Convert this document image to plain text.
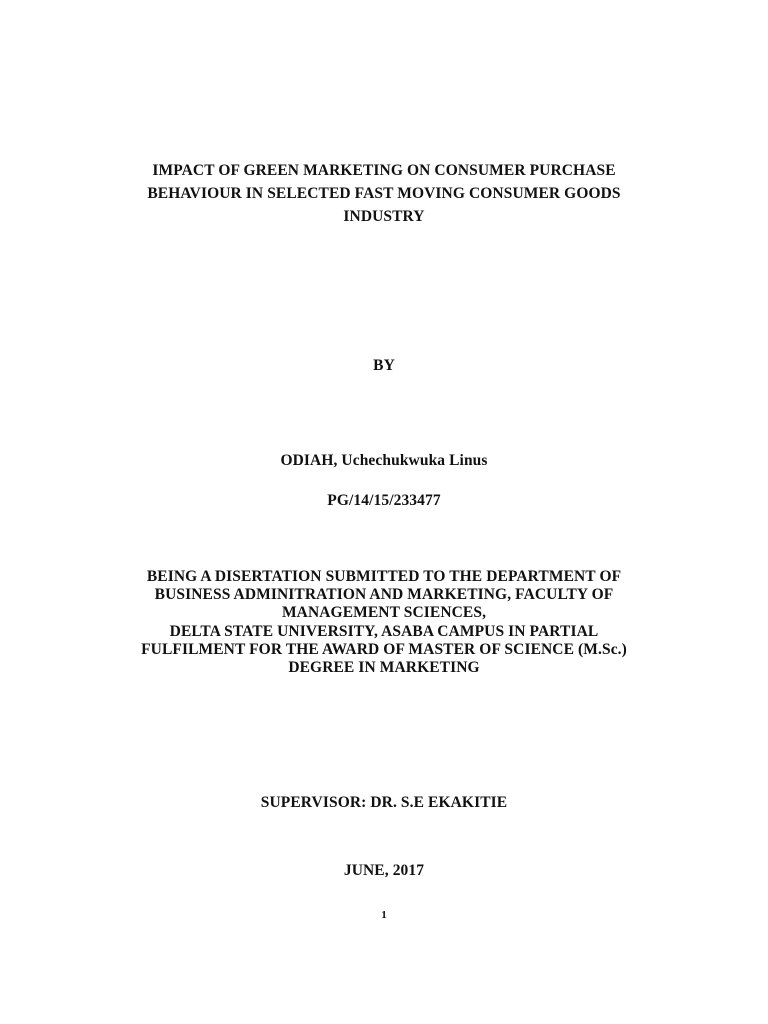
IMPACT OF GREEN MARKETING ON CONSUMER PURCHASE
BEHAVIOUR IN SELECTED FAST MOVING CONSUMER GOODS
INDUSTRY
BY
ODIAH, Uchechukwuka Linus
PG/14/15/233477
BEING A DISERTATION SUBMITTED TO THE DEPARTMENT OF
BUSINESS ADMINITRATION AND MARKETING, FACULTY OF
MANAGEMENT SCIENCES,
DELTA STATE UNIVERSITY, ASABA CAMPUS IN PARTIAL
FULFILMENT FOR THE AWARD OF MASTER OF SCIENCE (M.Sc.)
DEGREE IN MARKETING
SUPERVISOR: DR. S.E EKAKITIE
JUNE, 2017
1
